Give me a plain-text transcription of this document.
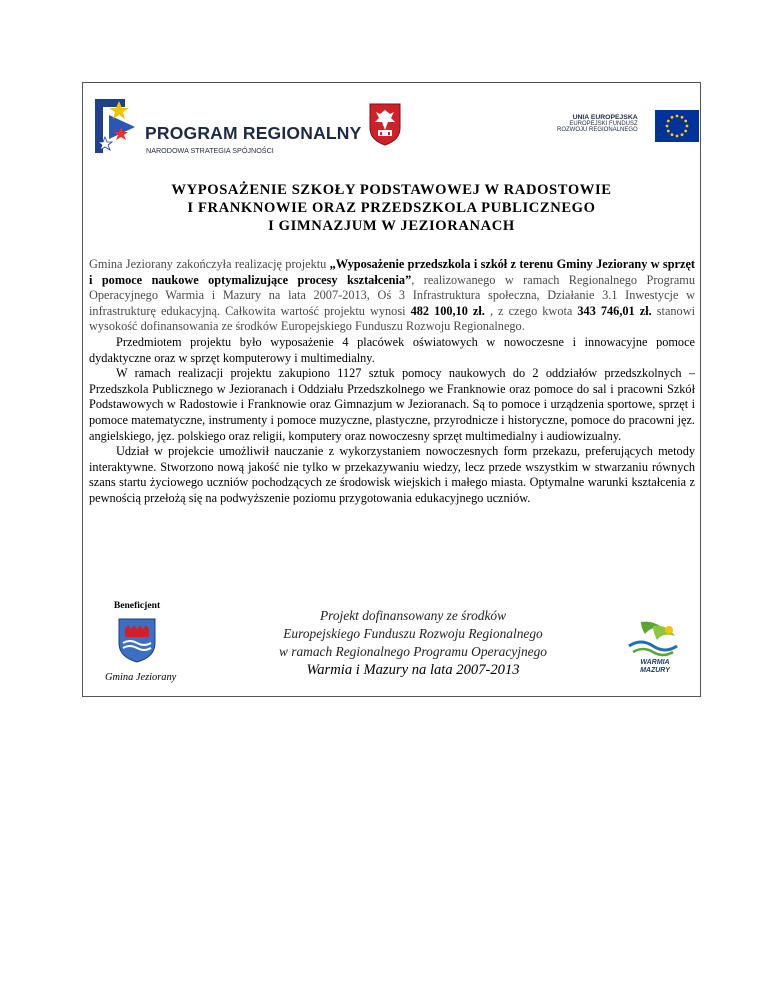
PROGRAM REGIONALNY
NARODOWA STRATEGIA SPÓJNOŚCI
UNIA EUROPEJSKA
EUROPEJSKI FUNDUSZ
ROZWOJU REGIONALNEGO
WYPOSAŻENIE SZKOŁY PODSTAWOWEJ W RADOSTOWIE
I FRANKNOWIE ORAZ PRZEDSZKOLA PUBLICZNEGO
I GIMNAZJUM W JEZIORANACH

Gmina Jeziorany zakończyła realizację projektu „Wyposażenie przedszkola i szkół z terenu Gminy Jeziorany w sprzęt i pomoce naukowe optymalizujące procesy kształcenia”, realizowanego w ramach Regionalnego Programu Operacyjnego Warmia i Mazury na lata 2007-2013, Oś 3 Infrastruktura społeczna, Działanie 3.1 Inwestycje w infrastrukturę edukacyjną. Całkowita wartość projektu wynosi 482 100,10 zł. , z czego kwota 343 746,01 zł. stanowi wysokość dofinansowania ze środków Europejskiego Funduszu Rozwoju Regionalnego.

Przedmiotem projektu było wyposażenie 4 placówek oświatowych w nowoczesne i innowacyjne pomoce dydaktyczne oraz w sprzęt komputerowy i multimedialny.

W ramach realizacji projektu zakupiono 1127 sztuk pomocy naukowych do 2 oddziałów przedszkolnych – Przedszkola Publicznego w Jezioranach i Oddziału Przedszkolnego we Franknowie oraz pomoce do sal i pracowni Szkół Podstawowych w Radostowie i Franknowie oraz Gimnazjum w Jezioranach. Są to pomoce i urządzenia sportowe, sprzęt i pomoce matematyczne, instrumenty i pomoce muzyczne, plastyczne, przyrodnicze i historyczne, pomoce do pracowni jęz. angielskiego, jęz. polskiego oraz religii, komputery oraz nowoczesny sprzęt multimedialny i audiowizualny.

Udział w projekcie umożliwił nauczanie z wykorzystaniem nowoczesnych form przekazu, preferujących metody interaktywne. Stworzono nową jakość nie tylko w przekazywaniu wiedzy, lecz przede wszystkim w stwarzaniu równych szans startu życiowego uczniów pochodzących ze środowisk wiejskich i małego miasta. Optymalne warunki kształcenia z pewnością przełożą się na podwyższenie poziomu przygotowania edukacyjnego uczniów.

Beneficjent
Gmina Jeziorany
Projekt dofinansowany ze środków
Europejskiego Funduszu Rozwoju Regionalnego
w ramach Regionalnego Programu Operacyjnego
Warmia i Mazury na lata 2007-2013	WARMIA
MAZURY
